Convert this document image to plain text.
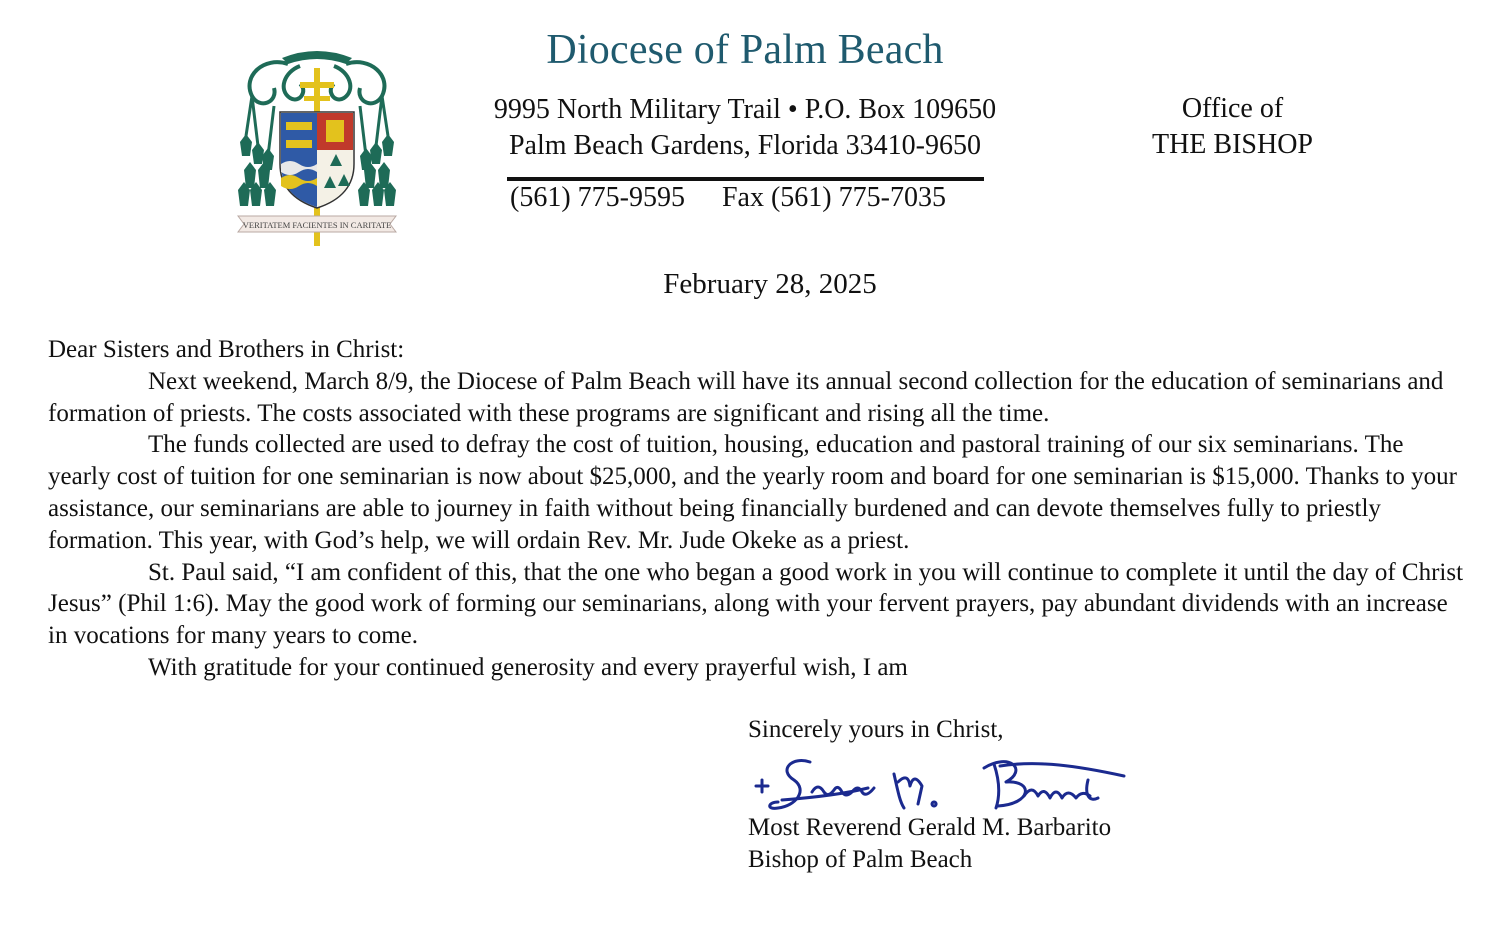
VERITATEM FACIENTES IN CARITATE
Diocese of Palm Beach
9995 North Military Trail • P.O. Box 109650
Palm Beach Gardens, Florida 33410-9650
(561) 775-9595 Fax (561) 775-7035
Office of
THE BISHOP
February 28, 2025

Dear Sisters and Brothers in Christ:

Next weekend, March 8/9, the Diocese of Palm Beach will have its annual second collection for the education of seminarians and formation of priests. The costs associated with these programs are significant and rising all the time.

The funds collected are used to defray the cost of tuition, housing, education and pastoral training of our six seminarians. The yearly cost of tuition for one seminarian is now about $25,000, and the yearly room and board for one seminarian is $15,000. Thanks to your assistance, our seminarians are able to journey in faith without being financially burdened and can devote themselves fully to priestly formation. This year, with God’s help, we will ordain Rev. Mr. Jude Okeke as a priest.

St. Paul said, “I am confident of this, that the one who began a good work in you will continue to complete it until the day of Christ Jesus” (Phil 1:6). May the good work of forming our seminarians, along with your fervent prayers, pay abundant dividends with an increase in vocations for many years to come.

With gratitude for your continued generosity and every prayerful wish, I am

Sincerely yours in Christ,
Most Reverend Gerald M. Barbarito
Bishop of Palm Beach
